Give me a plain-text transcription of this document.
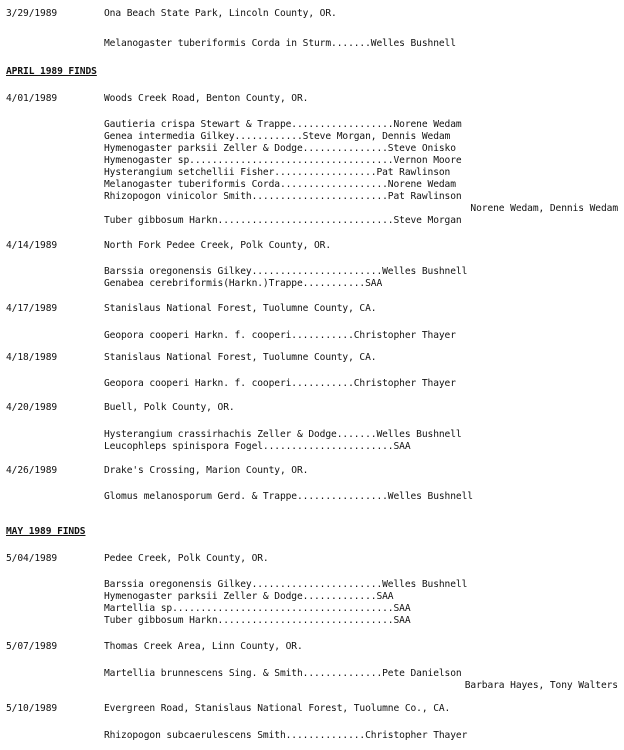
3/29/1989	Ona Beach State Park, Lincoln County, OR.
Melanogaster tuberiformis Corda in Sturm.......Welles Bushnell
APRIL 1989 FINDS
4/01/1989	Woods Creek Road, Benton County, OR.
Gautieria crispa Stewart & Trappe..................Norene Wedam
Genea intermedia Gilkey............Steve Morgan, Dennis Wedam
Hymenogaster parksii Zeller & Dodge...............Steve Onisko
Hymenogaster sp....................................Vernon Moore
Hysterangium setchellii Fisher..................Pat Rawlinson
Melanogaster tuberiformis Corda...................Norene Wedam
Rhizopogon vinicolor Smith........................Pat Rawlinson
Norene Wedam, Dennis Wedam
Tuber gibbosum Harkn...............................Steve Morgan
4/14/1989	North Fork Pedee Creek, Polk County, OR.
Barssia oregonensis Gilkey.......................Welles Bushnell
Genabea cerebriformis(Harkn.)Trappe...........SAA
4/17/1989	Stanislaus National Forest, Tuolumne County, CA.
Geopora cooperi Harkn. f. cooperi...........Christopher Thayer
4/18/1989	Stanislaus National Forest, Tuolumne County, CA.
Geopora cooperi Harkn. f. cooperi...........Christopher Thayer
4/20/1989	Buell, Polk County, OR.
Hysterangium crassirhachis Zeller & Dodge.......Welles Bushnell
Leucophleps spinispora Fogel.......................SAA
4/26/1989	Drake's Crossing, Marion County, OR.
Glomus melanosporum Gerd. & Trappe................Welles Bushnell
MAY 1989 FINDS
5/04/1989	Pedee Creek, Polk County, OR.
Barssia oregonensis Gilkey.......................Welles Bushnell
Hymenogaster parksii Zeller & Dodge.............SAA
Martellia sp.......................................SAA
Tuber gibbosum Harkn...............................SAA
5/07/1989	Thomas Creek Area, Linn County, OR.
Martellia brunnescens Sing. & Smith..............Pete Danielson
Barbara Hayes, Tony Walters
5/10/1989	Evergreen Road, Stanislaus National Forest, Tuolumne Co., CA.
Rhizopogon subcaerulescens Smith..............Christopher Thayer
